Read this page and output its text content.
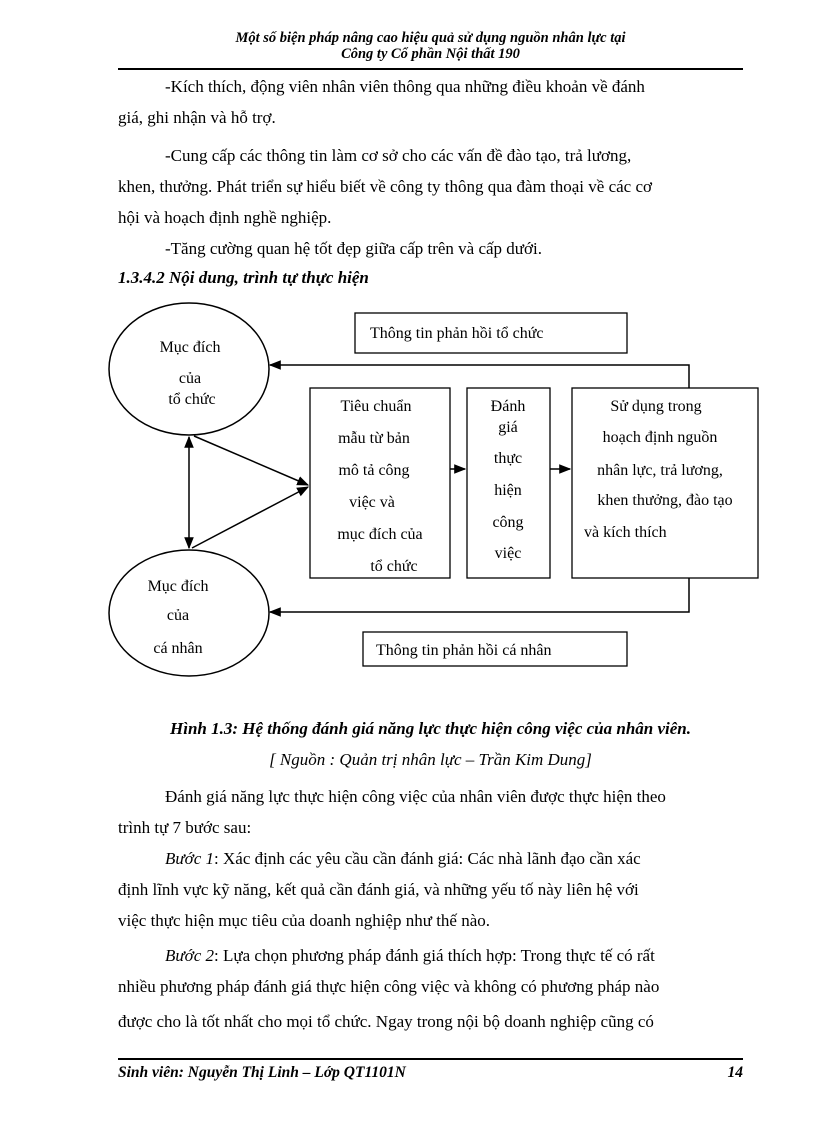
Một số biện pháp nâng cao hiệu quả sử dụng nguồn nhân lực tại
Công ty Cổ phần Nội thất 190
-Kích thích, động viên nhân viên thông qua những điều khoản về đánh
giá, ghi nhận và hỗ trợ.
-Cung cấp các thông tin làm cơ sở cho các vấn đề đào tạo, trả lương,
khen, thưởng. Phát triển sự hiểu biết về công ty thông qua đàm thoại về các cơ
hội và hoạch định nghề nghiệp.
-Tăng cường quan hệ tốt đẹp giữa cấp trên và cấp dưới.
1.3.4.2 Nội dung, trình tự thực hiện
Thông tin phản hồi tổ chức
Thông tin phản hồi cá nhân
Mục đích
của
tổ chức
Mục đích
của
cá nhân
Tiêu chuẩn
mẫu từ bản
mô tả công
việc và
mục đích của
tổ chức
Đánh
giá
thực
hiện
công
việc
Sử dụng trong
hoạch định nguồn
nhân lực, trả lương,
khen thưởng, đào tạo
và kích thích
Hình 1.3: Hệ thống đánh giá năng lực thực hiện công việc của nhân viên.
[ Nguồn : Quản trị nhân lực – Trần Kim Dung]
Đánh giá năng lực thực hiện công việc của nhân viên được thực hiện theo
trình tự 7 bước sau:
Bước 1: Xác định các yêu cầu cần đánh giá: Các nhà lãnh đạo cần xác
định lĩnh vực kỹ năng, kết quả cần đánh giá, và những yếu tố này liên hệ với
việc thực hiện mục tiêu của doanh nghiệp như thế nào.
Bước 2: Lựa chọn phương pháp đánh giá thích hợp: Trong thực tế có rất
nhiều phương pháp đánh giá thực hiện công việc và không có phương pháp nào
được cho là tốt nhất cho mọi tổ chức. Ngay trong nội bộ doanh nghiệp cũng có
Sinh viên: Nguyễn Thị Linh – Lớp QT1101N	14
